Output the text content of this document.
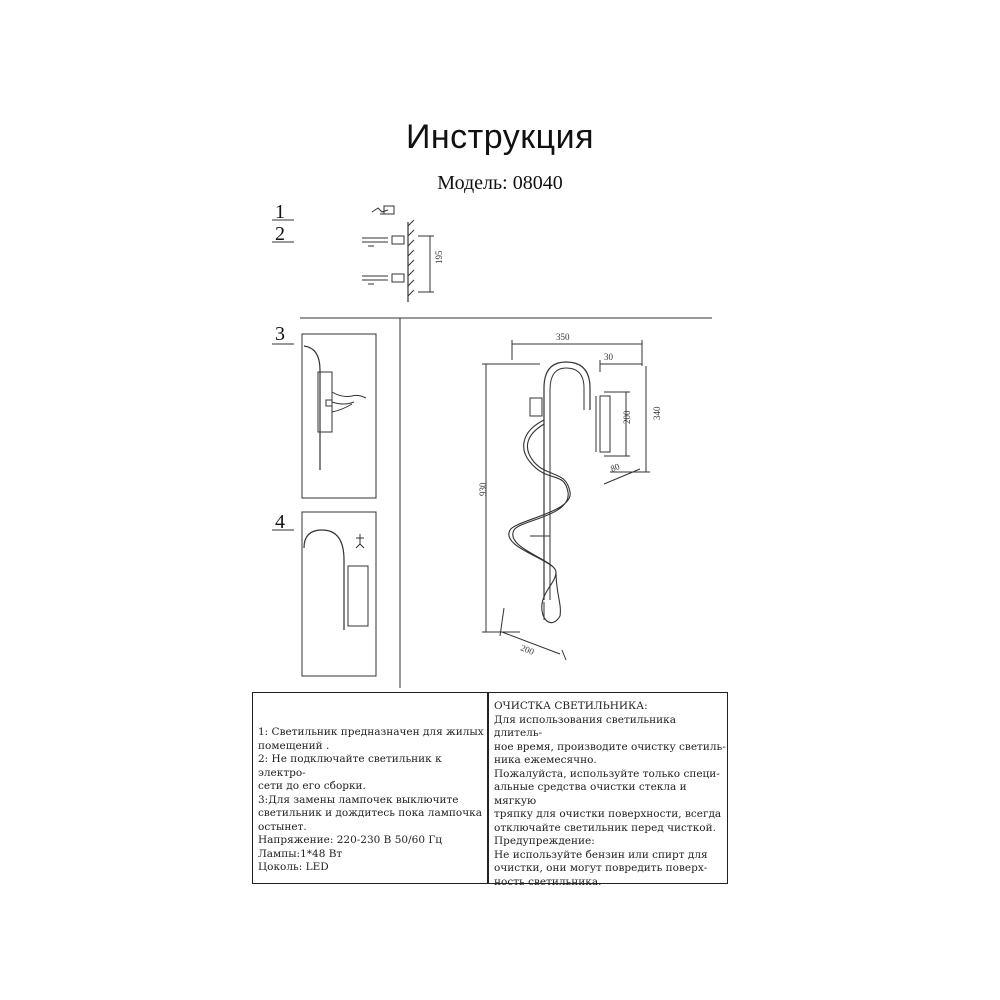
Инструкция
Модель: 08040
1
2
3
4
195
350
30
930
340
200
80
200
1: Светильник предназначен для жилых
помещений .
2: Не подключайте светильник к электро-
сети до его сборки.
3:Для замены лампочек выключите
светильник и дождитесь пока лампочка
остынет.
Напряжение: 220-230 В 50/60 Гц
Лампы:1*48 Вт
Цоколь: LED
ОЧИСТКА СВЕТИЛЬНИКА:
Для использования светильника длитель-
ное время, производите очистку светиль-
ника ежемесячно.
Пожалуйста, используйте только специ-
альные средства очистки стекла и мягкую
тряпку для очистки поверхности, всегда
отключайте светильник перед чисткой.
Предупреждение:
Не используйте бензин или спирт для
очистки, они могут повредить поверх-
ность светильника.
